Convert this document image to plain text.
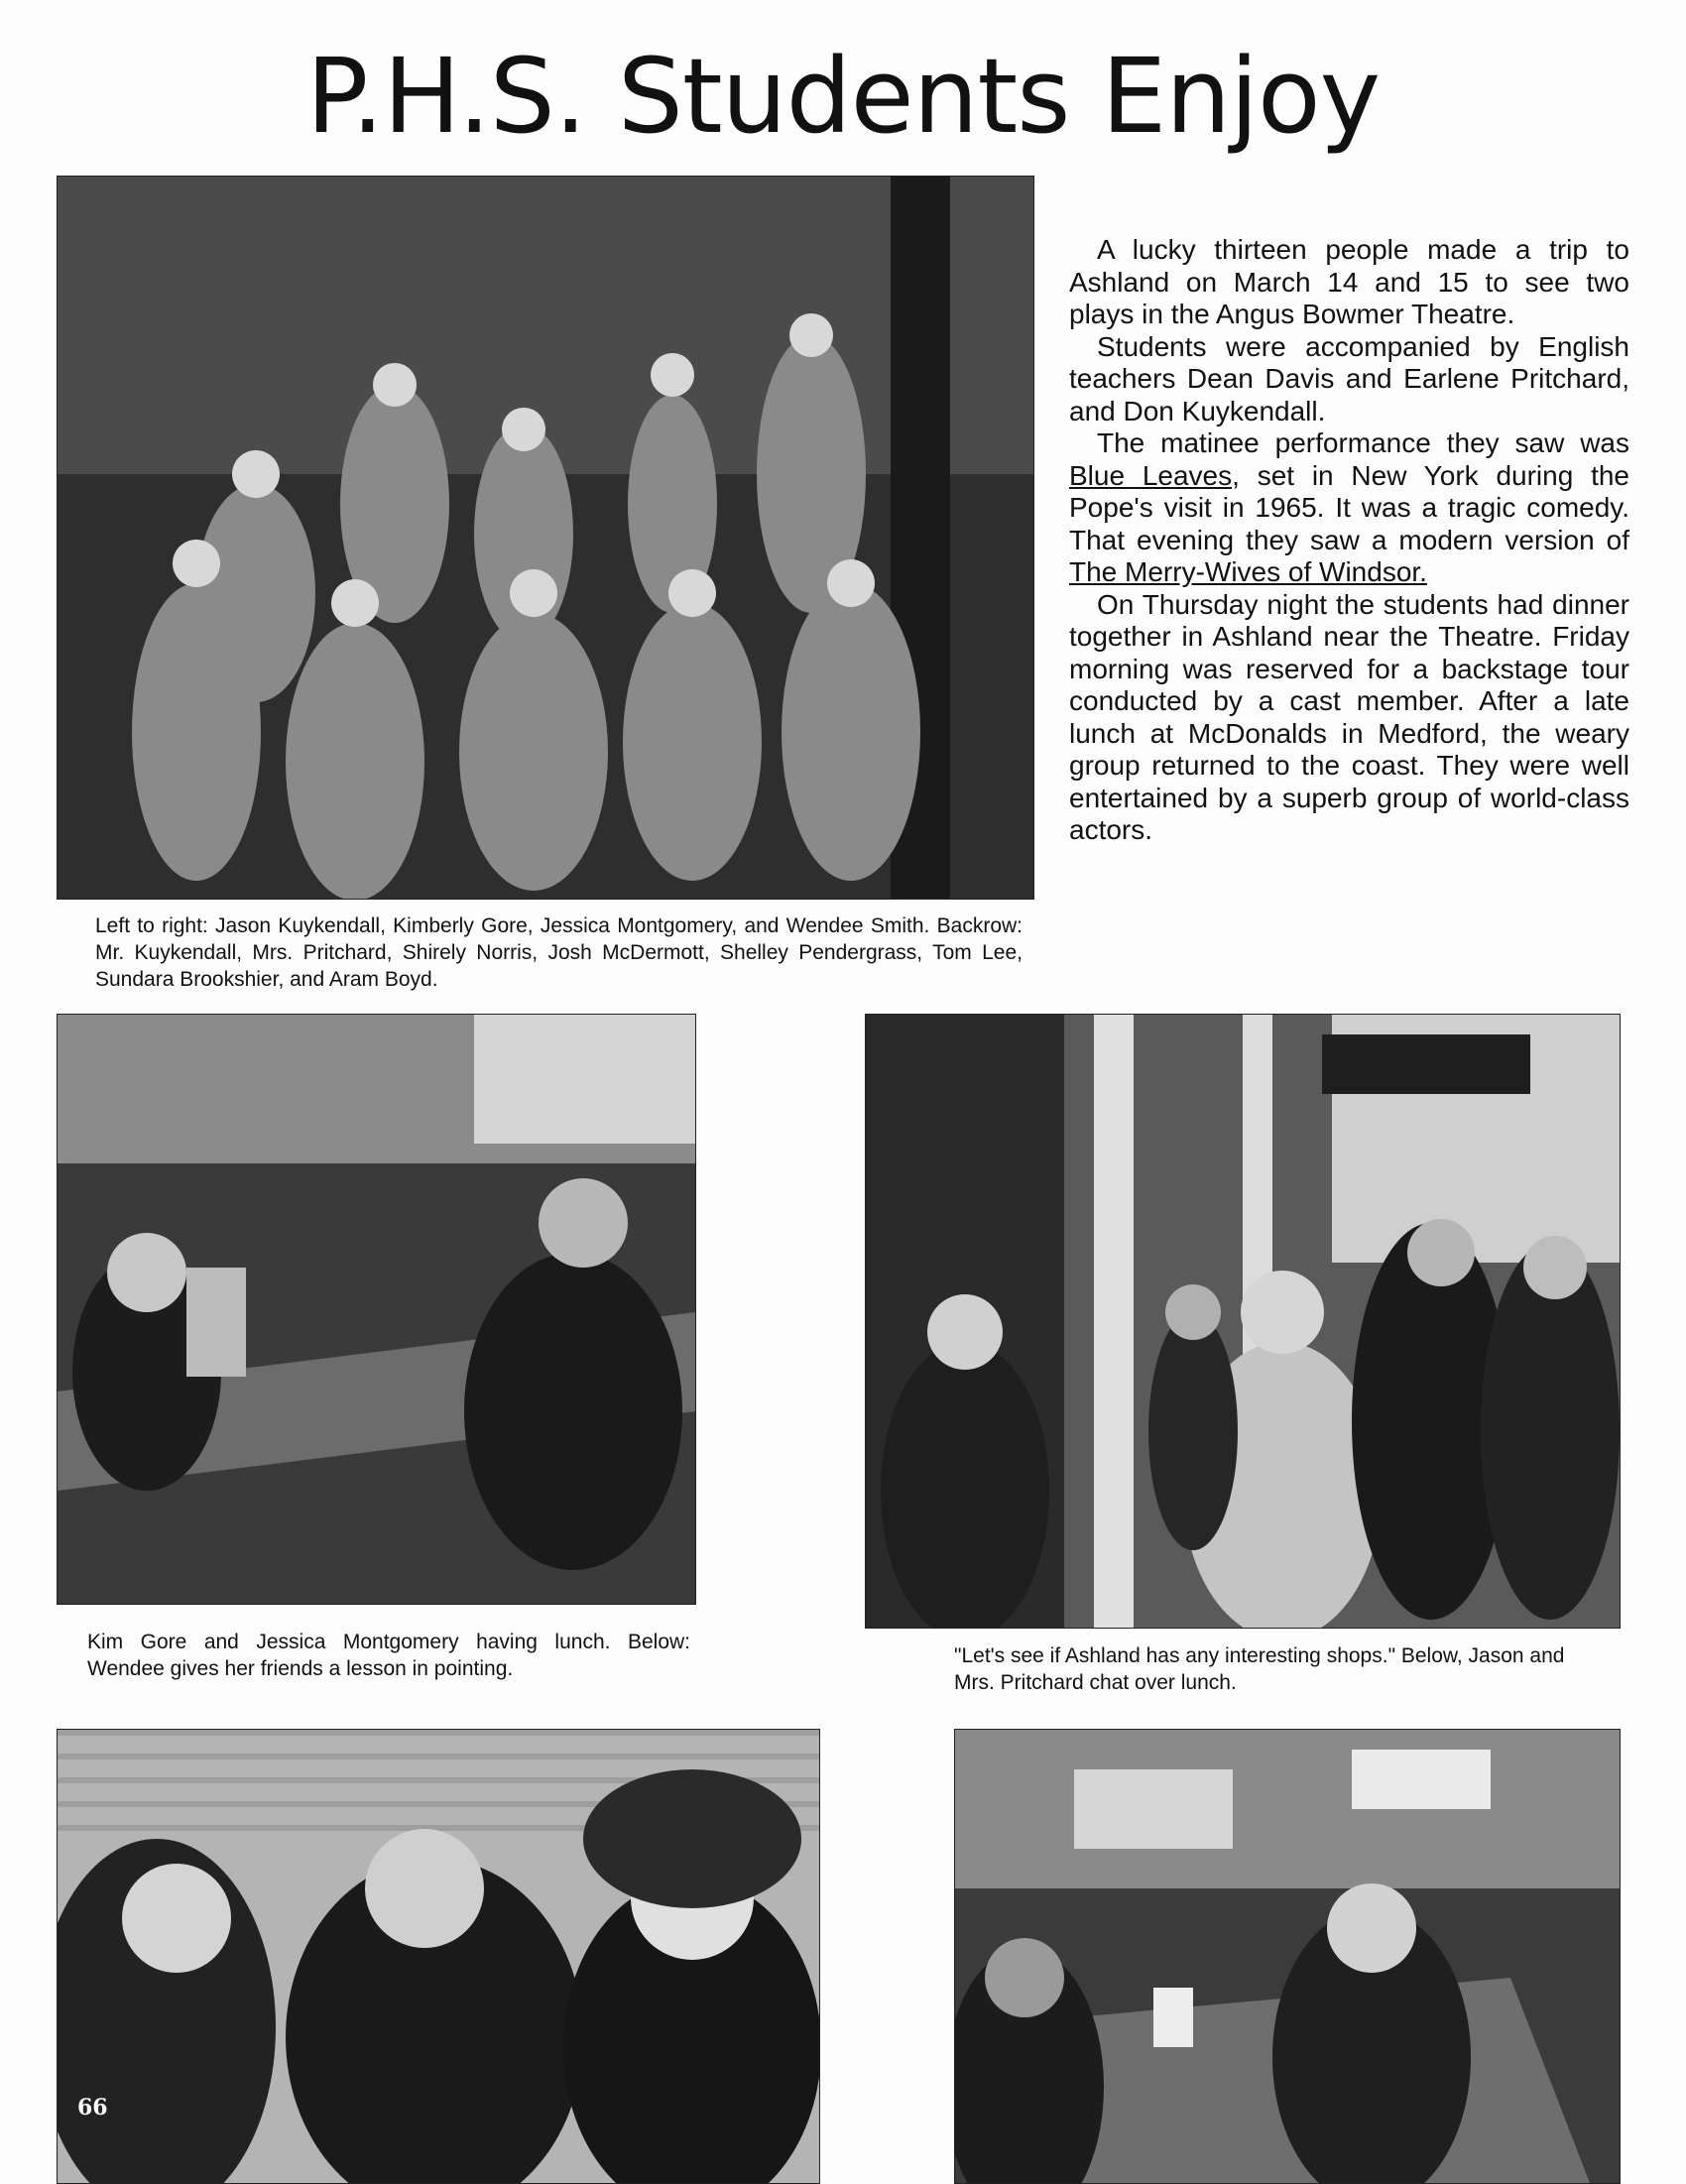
P.H.S. Students Enjoy
Left to right: Jason Kuykendall, Kimberly Gore, Jessica Montgomery, and Wendee Smith. Backrow: Mr. Kuykendall, Mrs. Pritchard, Shirely Norris, Josh McDermott, Shelley Pendergrass, Tom Lee, Sundara Brookshier, and Aram Boyd.

A lucky thirteen people made a trip to Ashland on March 14 and 15 to see two plays in the Angus Bowmer Theatre.

Students were accompanied by English teachers Dean Davis and Earlene Pritchard, and Don Kuykendall.

The matinee performance they saw was Blue Leaves, set in New York during the Pope's visit in 1965. It was a tragic comedy. That evening they saw a modern version of The Merry-Wives of Windsor.

On Thursday night the students had dinner together in Ashland near the Theatre. Friday morning was reserved for a backstage tour conducted by a cast member. After a late lunch at McDonalds in Medford, the weary group returned to the coast. They were well entertained by a superb group of world-class actors.

Kim Gore and Jessica Montgomery having lunch. Below: Wendee gives her friends a lesson in pointing.
"Let's see if Ashland has any interesting shops." Below, Jason and Mrs. Pritchard chat over lunch.
66
